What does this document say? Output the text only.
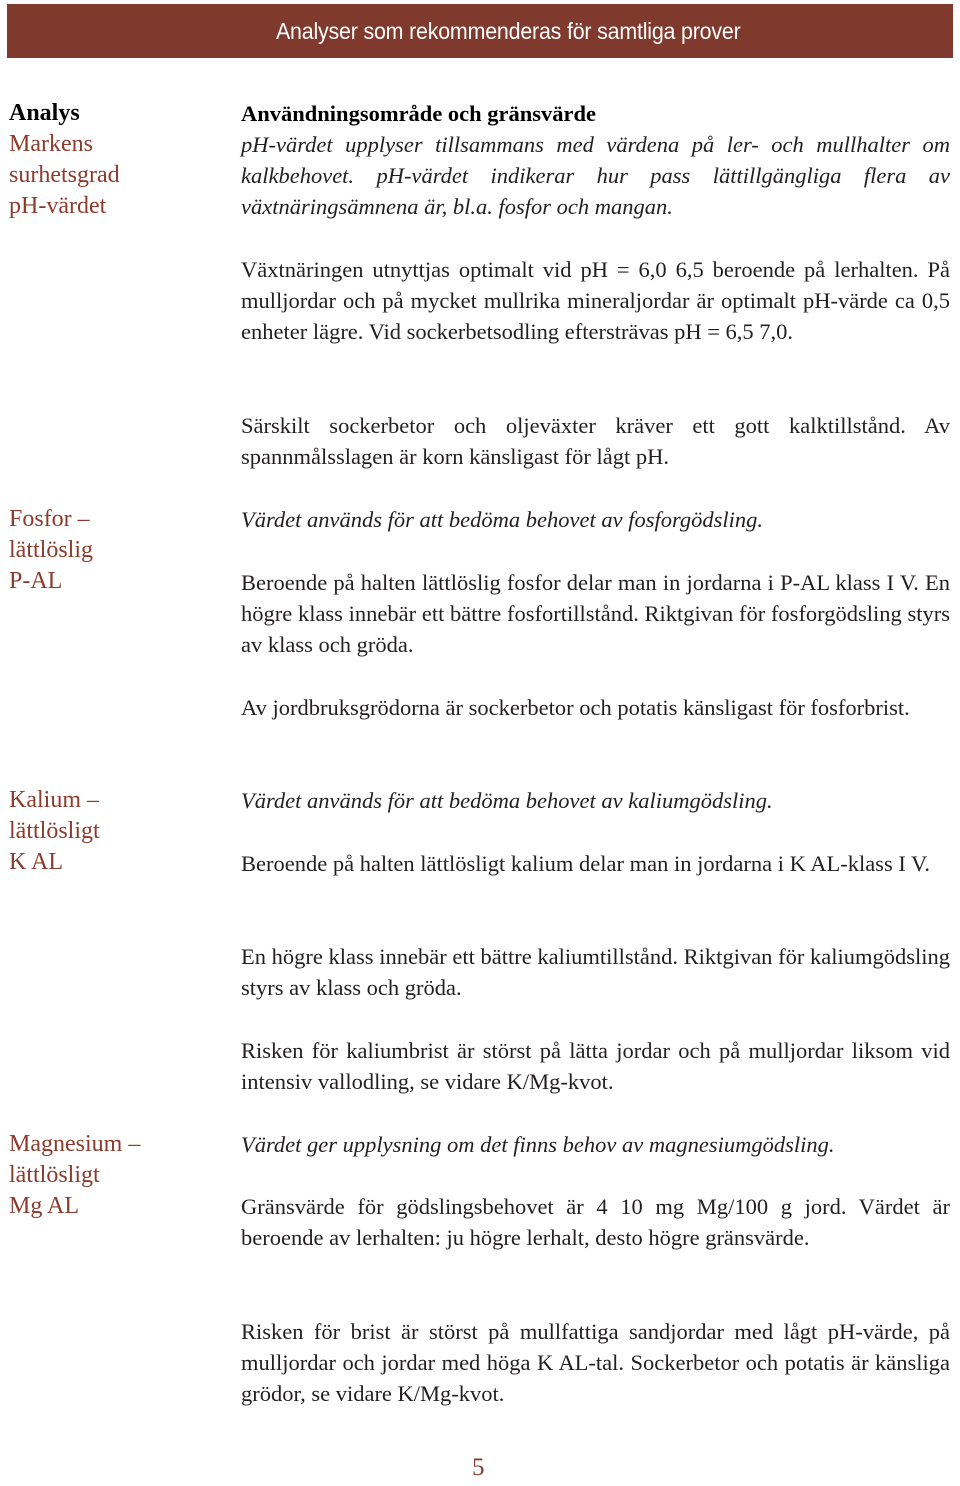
Analyser som rekommenderas för samtliga prover
Analys
Markens
surhetsgrad
pH-värdet

Användningsområde och gränsvärde

pH-värdet upplyser tillsammans med värdena på ler- och mullhalter om kalkbehovet. pH-värdet indikerar hur pass lättillgängliga flera av växtnäringsämnena är, bl.a. fosfor och mangan.

Växtnäringen utnyttjas optimalt vid pH = 6,0 6,5 beroende på lerhalten. På mulljordar och på mycket mullrika mineraljordar är optimalt pH-värde ca 0,5 enheter lägre. Vid sockerbetsodling eftersträvas pH = 6,5 7,0.

Särskilt sockerbetor och oljeväxter kräver ett gott kalktillstånd. Av spannmålsslagen är korn känsligast för lågt pH.

Fosfor –
lättlöslig
P-AL

Värdet används för att bedöma behovet av fosforgödsling.

Beroende på halten lättlöslig fosfor delar man in jordarna i P-AL klass I V. En högre klass innebär ett bättre fosfortillstånd. Riktgivan för fosforgödsling styrs av klass och gröda.

Av jordbruksgrödorna är sockerbetor och potatis känsligast för fosforbrist.

Kalium –
lättlösligt
K AL

Värdet används för att bedöma behovet av kaliumgödsling.

Beroende på halten lättlösligt kalium delar man in jordarna i K AL-klass I V.

En högre klass innebär ett bättre kaliumtillstånd. Riktgivan för kaliumgödsling styrs av klass och gröda.

Risken för kaliumbrist är störst på lätta jordar och på mulljordar liksom vid intensiv vallodling, se vidare K/Mg-kvot.

Magnesium –
lättlösligt
Mg AL

Värdet ger upplysning om det finns behov av magnesiumgödsling.

Gränsvärde för gödslingsbehovet är 4 10 mg Mg/100 g jord. Värdet är beroende av lerhalten: ju högre lerhalt, desto högre gränsvärde.

Risken för brist är störst på mullfattiga sandjordar med lågt pH-värde, på mulljordar och jordar med höga K AL-tal. Sockerbetor och potatis är känsliga grödor, se vidare K/Mg-kvot.

5
